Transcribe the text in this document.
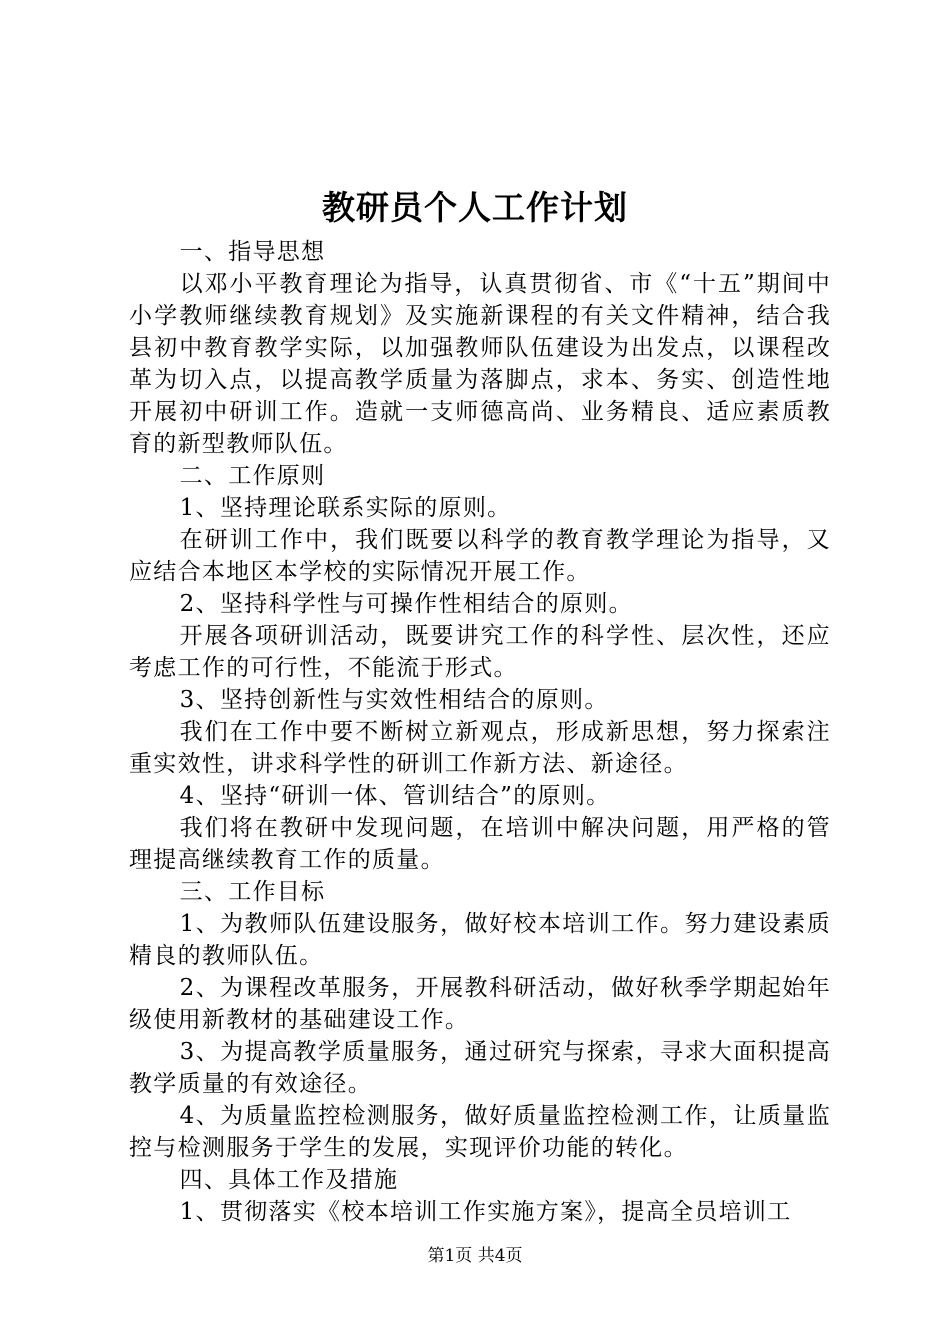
教研员个人工作计划

一、指导思想

以邓小平教育理论为指导，认真贯彻省、市《“十五”期间中小学教师继续教育规划》及实施新课程的有关文件精神，结合我县初中教育教学实际，以加强教师队伍建设为出发点，以课程改革为切入点，以提高教学质量为落脚点，求本、务实、创造性地开展初中研训工作。造就一支师德高尚、业务精良、适应素质教育的新型教师队伍。

二、工作原则

1、坚持理论联系实际的原则。

在研训工作中，我们既要以科学的教育教学理论为指导，又应结合本地区本学校的实际情况开展工作。

2、坚持科学性与可操作性相结合的原则。

开展各项研训活动，既要讲究工作的科学性、层次性，还应考虑工作的可行性，不能流于形式。

3、坚持创新性与实效性相结合的原则。

我们在工作中要不断树立新观点，形成新思想，努力探索注重实效性，讲求科学性的研训工作新方法、新途径。

4、坚持“研训一体、管训结合”的原则。

我们将在教研中发现问题，在培训中解决问题，用严格的管理提高继续教育工作的质量。

三、工作目标

1、为教师队伍建设服务，做好校本培训工作。努力建设素质精良的教师队伍。

2、为课程改革服务，开展教科研活动，做好秋季学期起始年级使用新教材的基础建设工作。

3、为提高教学质量服务，通过研究与探索，寻求大面积提高教学质量的有效途径。

4、为质量监控检测服务，做好质量监控检测工作，让质量监控与检测服务于学生的发展，实现评价功能的转化。

四、具体工作及措施

1、贯彻落实《校本培训工作实施方案》，提高全员培训工

第1页 共4页
